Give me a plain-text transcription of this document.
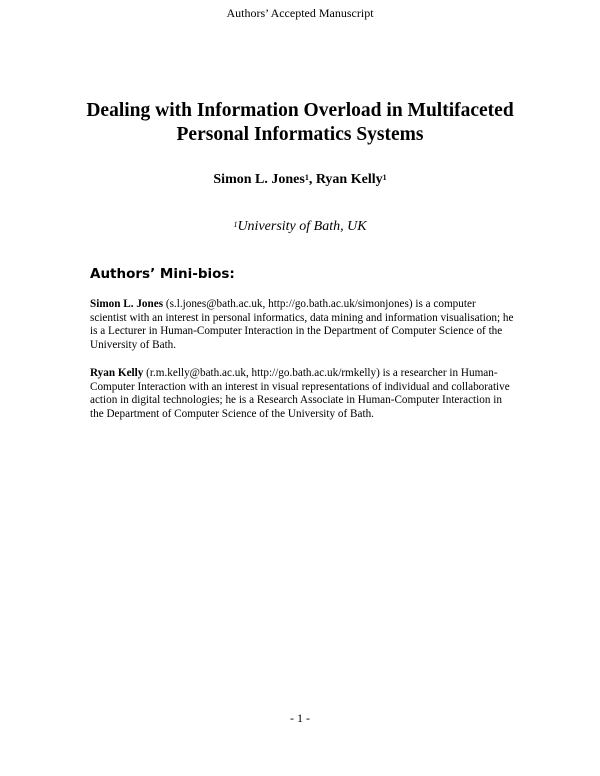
Authors’ Accepted Manuscript
Dealing with Information Overload in Multifaceted
Personal Informatics Systems
Simon L. Jones$^1$, Ryan Kelly$^1$
$^1$University of Bath, UK
Authors’ Mini-bios:

Simon L. Jones (s.l.jones@bath.ac.uk, http://go.bath.ac.uk/simonjones) is a computer scientist with an interest in personal informatics, data mining and information visualisation; he is a Lecturer in Human-Computer Interaction in the Department of Computer Science of the University of Bath.

Ryan Kelly (r.m.kelly@bath.ac.uk, http://go.bath.ac.uk/rmkelly) is a researcher in Human-Computer Interaction with an interest in visual representations of individual and collaborative action in digital technologies; he is a Research Associate in Human-Computer Interaction in the Department of Computer Science of the University of Bath.

- 1 -
